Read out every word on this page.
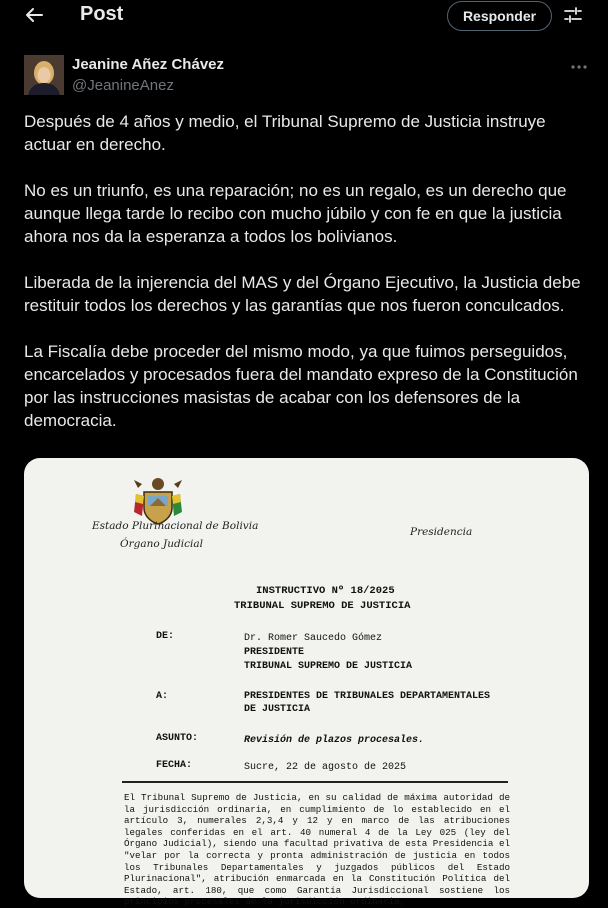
Post	Responder
Jeanine Añez Chávez
@JeanineAnez

Después de 4 años y medio, el Tribunal Supremo de Justicia instruye actuar en derecho.

No es un triunfo, es una reparación; no es un regalo, es un derecho que aunque llega tarde lo recibo con mucho júbilo y con fe en que la justicia ahora nos da la esperanza a todos los bolivianos.

Liberada de la injerencia del MAS y del Órgano Ejecutivo, la Justicia debe restituir todos los derechos y las garantías que nos fueron conculcados.

La Fiscalía debe proceder del mismo modo, ya que fuimos perseguidos, encarcelados y procesados fuera del mandato expreso de la Constitución por las instrucciones masistas de acabar con los defensores de la democracia.

Estado Plurinacional de Bolivia
Órgano Judicial
Presidencia
INSTRUCTIVO Nº 18/2025
TRIBUNAL SUPREMO DE JUSTICIA
DE:	Dr. Romer Saucedo Gómez
PRESIDENTE
TRIBUNAL SUPREMO DE JUSTICIA
A:	PRESIDENTES DE TRIBUNALES DEPARTAMENTALES
DE JUSTICIA
ASUNTO:	Revisión de plazos procesales.
FECHA:	Sucre, 22 de agosto de 2025
El Tribunal Supremo de Justicia, en su calidad de máxima autoridad de la jurisdicción ordinaria, en cumplimiento de lo establecido en el artículo 3, numerales 2,3,4 y 12 y en marco de las atribuciones legales conferidas en el art. 40 numeral 4 de la Ley 025 (ley del Órgano Judicial), siendo una facultad privativa de esta Presidencia el "velar por la correcta y pronta administración de justicia en todos los Tribunales Departamentales y juzgados públicos del Estado Plurinacional", atribución enmarcada en la Constitución Política del Estado, art. 180, que como Garantía Jurisdiccional sostiene los principios procesales de la jurisdicción ordinaria,
